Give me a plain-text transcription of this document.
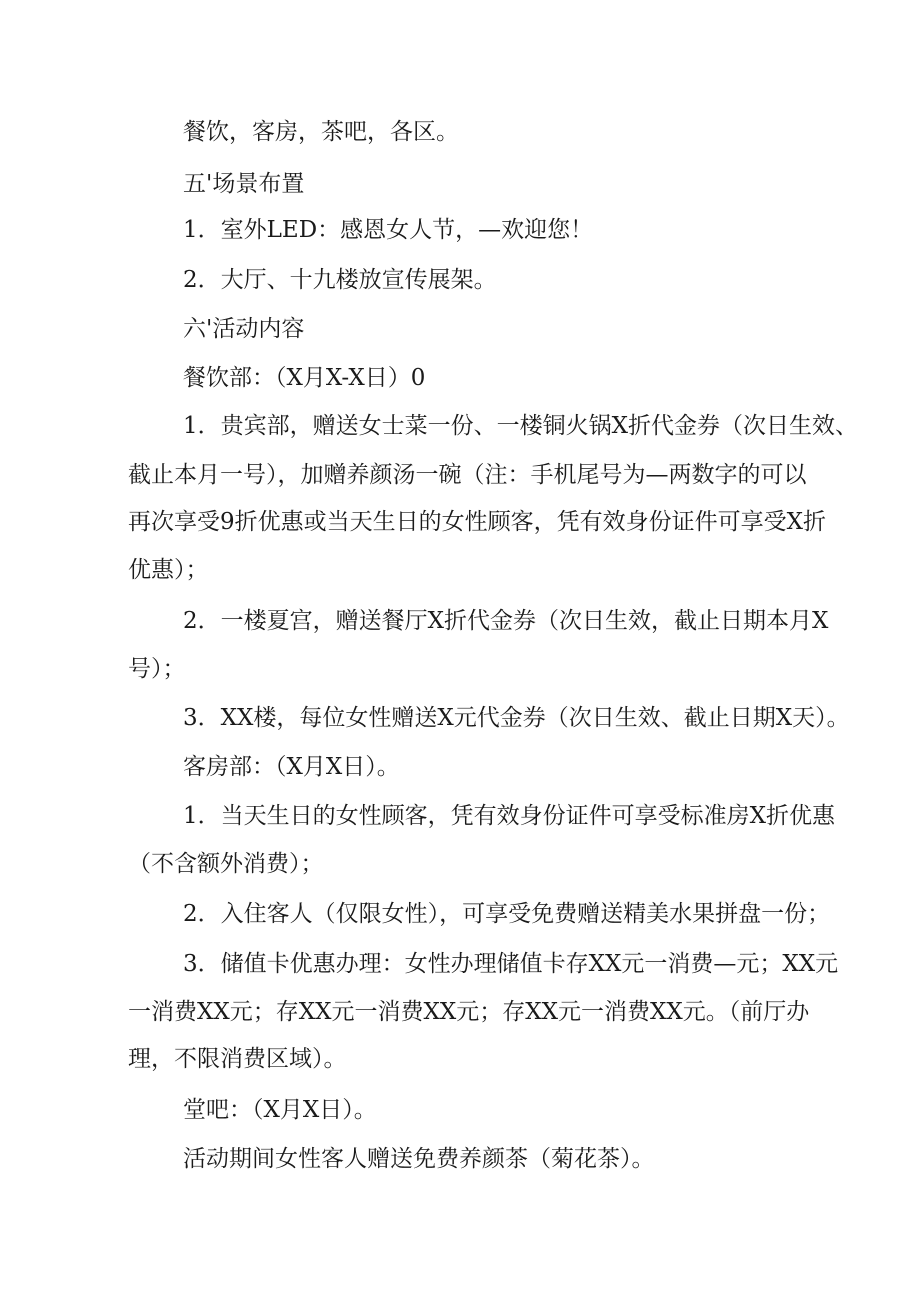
餐饮，客房，茶吧，各区。
五'场景布置
1．室外LED：感恩女人节，—欢迎您！
2．大厅、十九楼放宣传展架。
六'活动内容
餐饮部：（X月X-X日）0
1．贵宾部，赠送女士菜一份、一楼铜火锅X折代金券（次日生效、
截止本月一号），加赠养颜汤一碗（注：手机尾号为—两数字的可以
再次享受9折优惠或当天生日的女性顾客，凭有效身份证件可享受X折
优惠）；
2．一楼夏宫，赠送餐厅X折代金券（次日生效，截止日期本月X
号）；
3．XX楼，每位女性赠送X元代金券（次日生效、截止日期X天）。
客房部：（X月X日）。
1．当天生日的女性顾客，凭有效身份证件可享受标准房X折优惠
（不含额外消费）；
2．入住客人（仅限女性），可享受免费赠送精美水果拼盘一份；
3．储值卡优惠办理：女性办理储值卡存XX元一消费—元；XX元
一消费XX元；存XX元一消费XX元；存XX元一消费XX元。（前厅办
理，不限消费区域）。
堂吧：（X月X日）。
活动期间女性客人赠送免费养颜茶（菊花茶）。
